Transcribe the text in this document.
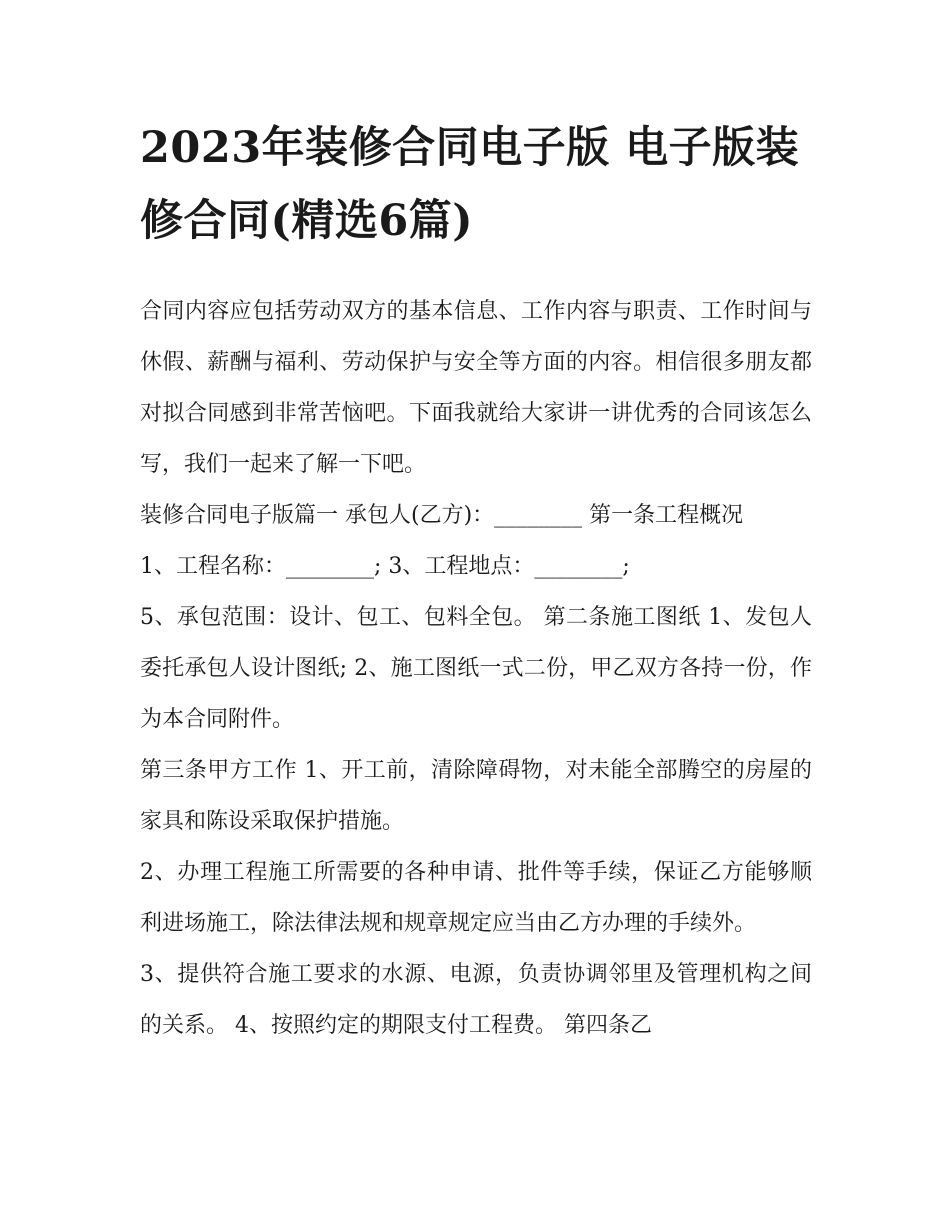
2023年装修合同电子版 电子版装修合同(精选6篇)

合同内容应包括劳动双方的基本信息、工作内容与职责、工作时间与休假、薪酬与福利、劳动保护与安全等方面的内容。相信很多朋友都对拟合同感到非常苦恼吧。下面我就给大家讲一讲优秀的合同该怎么写，我们一起来了解一下吧。

装修合同电子版篇一 承包人(乙方)：________ 第一条工程概况

1、工程名称：________; 3、工程地点：________;

5、承包范围：设计、包工、包料全包。 第二条施工图纸 1、发包人委托承包人设计图纸; 2、施工图纸一式二份，甲乙双方各持一份，作为本合同附件。

第三条甲方工作 1、开工前，清除障碍物，对未能全部腾空的房屋的家具和陈设采取保护措施。

2、办理工程施工所需要的各种申请、批件等手续，保证乙方能够顺利进场施工，除法律法规和规章规定应当由乙方办理的手续外。

3、提供符合施工要求的水源、电源，负责协调邻里及管理机构之间的关系。 4、按照约定的期限支付工程费。 第四条乙
